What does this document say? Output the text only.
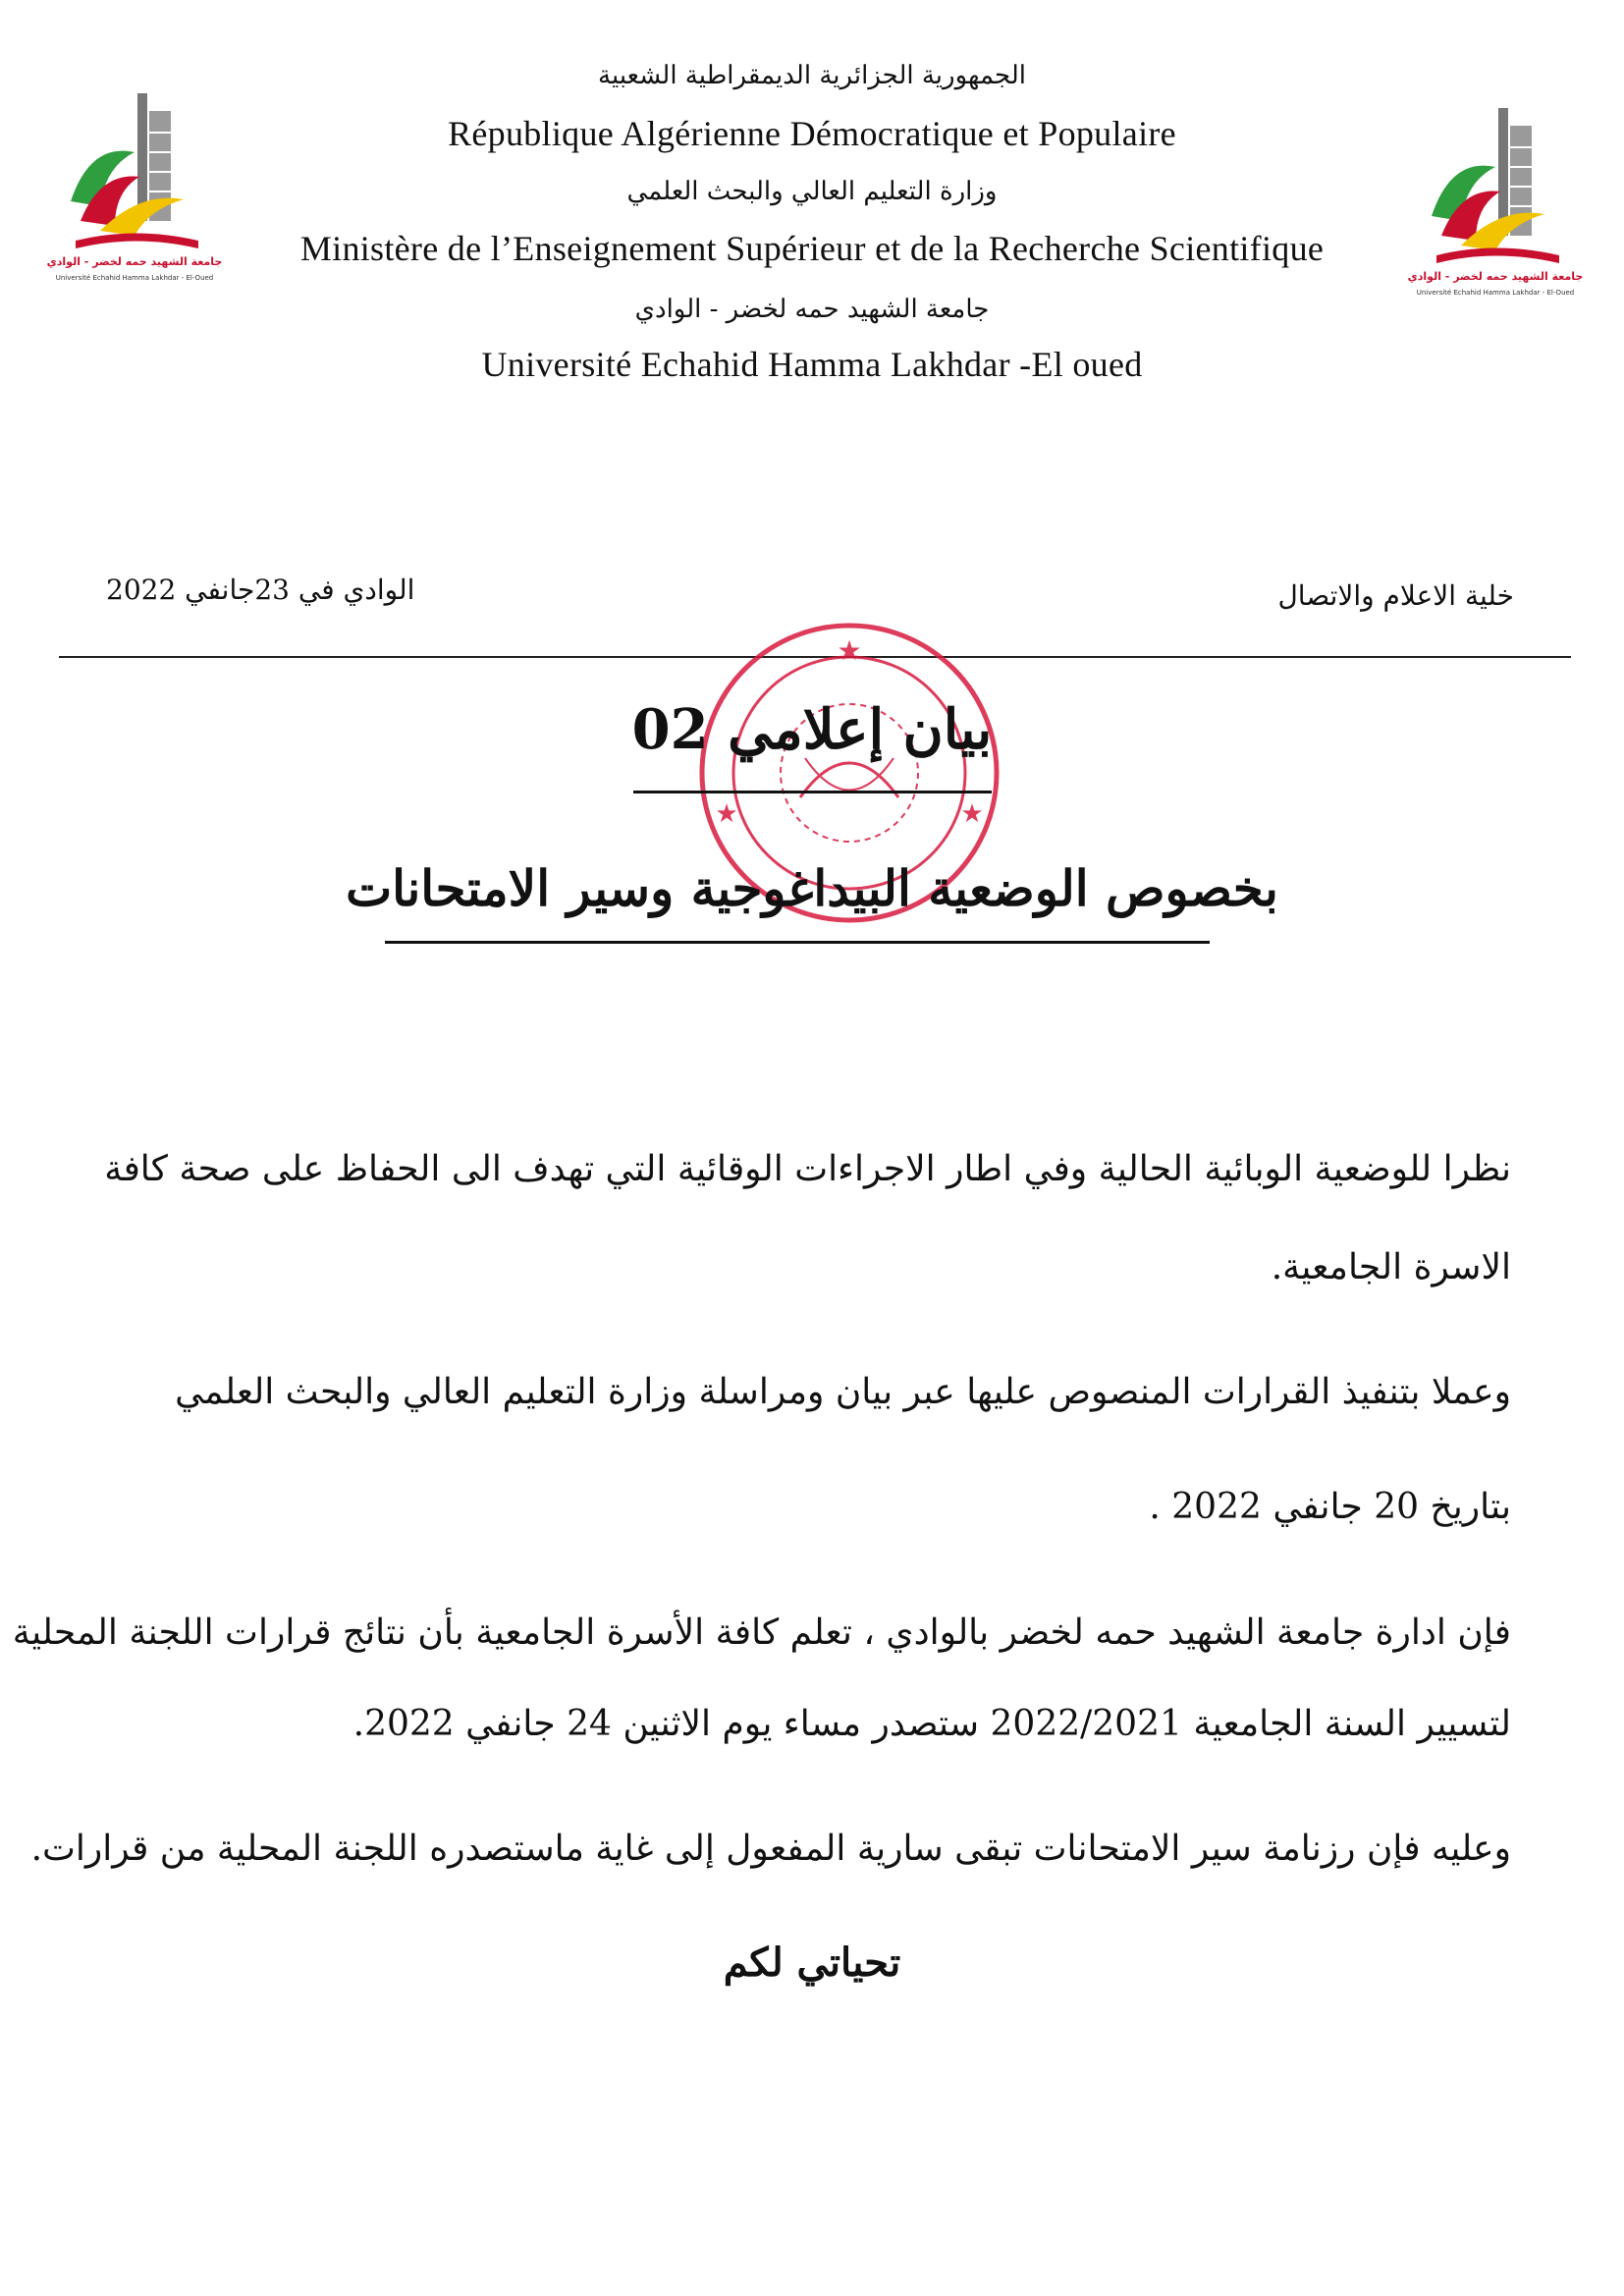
جامعة الشهيد حمه لخضر - الوادي
Université Echahid Hamma Lakhdar - El-Oued	جامعة الشهيد حمه لخضر - الوادي
Université Echahid Hamma Lakhdar - El-Oued
الجمهورية الجزائرية الديمقراطية الشعبية
République Algérienne Démocratique et Populaire
وزارة التعليم العالي والبحث العلمي
Ministère de l’Enseignement Supérieur et de la Recherche Scientifique
جامعة الشهيد حمه لخضر - الوادي
Université Echahid Hamma Lakhdar -El oued
خلية الاعلام والاتصال
الوادي في 23جانفي 2022
★
★	★
بيان إعلامي 02
بخصوص الوضعية البيداغوجية وسير الامتحانات
نظرا للوضعية الوبائية الحالية وفي اطار الاجراءات الوقائية التي تهدف الى الحفاظ على صحة كافة
الاسرة الجامعية.
وعملا بتنفيذ القرارات المنصوص عليها عبر بيان ومراسلة وزارة التعليم العالي والبحث العلمي
بتاريخ 20 جانفي 2022 .
فإن ادارة جامعة الشهيد حمه لخضر بالوادي ، تعلم كافة الأسرة الجامعية بأن نتائج قرارات اللجنة المحلية
لتسيير السنة الجامعية 2022/2021 ستصدر مساء يوم الاثنين 24 جانفي 2022.
وعليه فإن رزنامة سير الامتحانات تبقى سارية المفعول إلى غاية ماستصدره اللجنة المحلية من قرارات.
تحياتي لكم
